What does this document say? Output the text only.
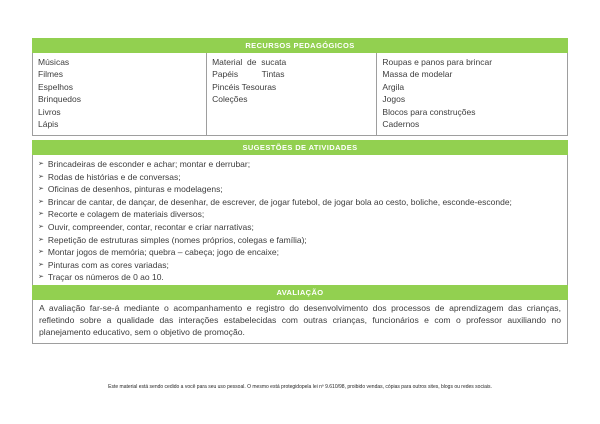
RECURSOS PEDAGÓGICOS
Músicas
Filmes
Espelhos
Brinquedos
Livros
Lápis
Material  de  sucata
Papéis          Tintas
Pincéis Tesouras
Coleções
Roupas e panos para brincar
Massa de modelar
Argila
Jogos
Blocos para construções
Cadernos
SUGESTÕES DE ATIVIDADES
➢ Brincadeiras de esconder e achar; montar e derrubar;
➢ Rodas de histórias e de conversas;
➢ Oficinas de desenhos, pinturas e modelagens;
➢ Brincar de cantar, de dançar, de desenhar, de escrever, de jogar futebol, de jogar bola ao cesto, boliche, esconde-esconde;
➢ Recorte e colagem de materiais diversos;
➢ Ouvir, compreender, contar, recontar e criar narrativas;
➢ Repetição de estruturas simples (nomes próprios, colegas e família);
➢ Montar jogos de memória; quebra – cabeça; jogo de encaixe;
➢ Pinturas com as cores variadas;
➢ Traçar os números de 0 ao 10.
AVALIAÇÃO
A avaliação far-se-á mediante o acompanhamento e registro do desenvolvimento dos processos de aprendizagem das crianças, refletindo sobre a qualidade das interações estabelecidas com outras crianças, funcionários e com o professor auxiliando no planejamento educativo, sem o objetivo de promoção.
Este material está sendo cedido a você para seu uso pessoal. O mesmo está protegidopela lei nº 9.610/98, proibido vendas, cópias para outros sites, blogs ou redes sociais.
